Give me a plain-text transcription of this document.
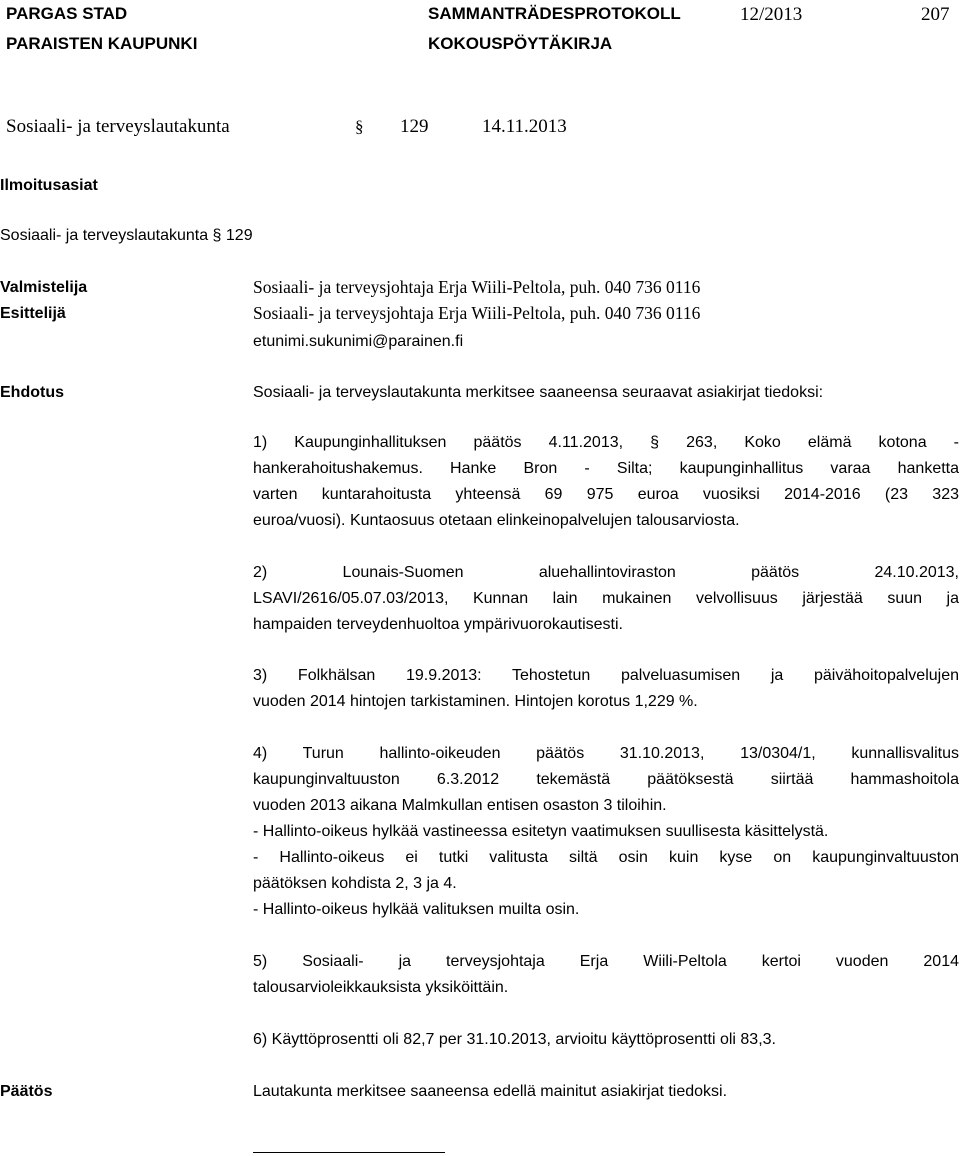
PARGAS STAD
PARAISTEN KAUPUNKI
SAMMANTRÄDESPROTOKOLL
KOKOUSPÖYTÄKIRJA
12/2013	207
Sosiaali- ja terveyslautakunta	§ 129	14.11.2013
Ilmoitusasiat
Sosiaali- ja terveyslautakunta § 129
Valmistelija	Sosiaali- ja terveysjohtaja Erja Wiili-Peltola, puh. 040 736 0116
Esittelijä	Sosiaali- ja terveysjohtaja Erja Wiili-Peltola, puh. 040 736 0116
etunimi.sukunimi@parainen.fi
Ehdotus	Sosiaali- ja terveyslautakunta merkitsee saaneensa seuraavat asiakirjat tiedoksi:

1) Kaupunginhallituksen päätös 4.11.2013, § 263, Koko elämä kotona -

hankerahoitushakemus. Hanke Bron - Silta; kaupunginhallitus varaa hanketta

varten kuntarahoitusta yhteensä 69 975 euroa vuosiksi 2014-2016 (23 323

euroa/vuosi). Kuntaosuus otetaan elinkeinopalvelujen talousarviosta.

2) Lounais-Suomen aluehallintoviraston päätös 24.10.2013,

LSAVI/2616/05.07.03/2013, Kunnan lain mukainen velvollisuus järjestää suun ja

hampaiden terveydenhuoltoa ympärivuorokautisesti.

3) Folkhälsan 19.9.2013: Tehostetun palveluasumisen ja päivähoitopalvelujen

vuoden 2014 hintojen tarkistaminen. Hintojen korotus 1,229 %.

4) Turun hallinto-oikeuden päätös 31.10.2013, 13/0304/1, kunnallisvalitus

kaupunginvaltuuston 6.3.2012 tekemästä päätöksestä siirtää hammashoitola

vuoden 2013 aikana Malmkullan entisen osaston 3 tiloihin.

- Hallinto-oikeus hylkää vastineessa esitetyn vaatimuksen suullisesta käsittelystä.

- Hallinto-oikeus ei tutki valitusta siltä osin kuin kyse on kaupunginvaltuuston

päätöksen kohdista 2, 3 ja 4.

- Hallinto-oikeus hylkää valituksen muilta osin.

5) Sosiaali- ja terveysjohtaja Erja Wiili-Peltola kertoi vuoden 2014

talousarvioleikkauksista yksiköittäin.

6) Käyttöprosentti oli 82,7 per 31.10.2013, arvioitu käyttöprosentti oli 83,3.

Päätös	Lautakunta merkitsee saaneensa edellä mainitut asiakirjat tiedoksi.
